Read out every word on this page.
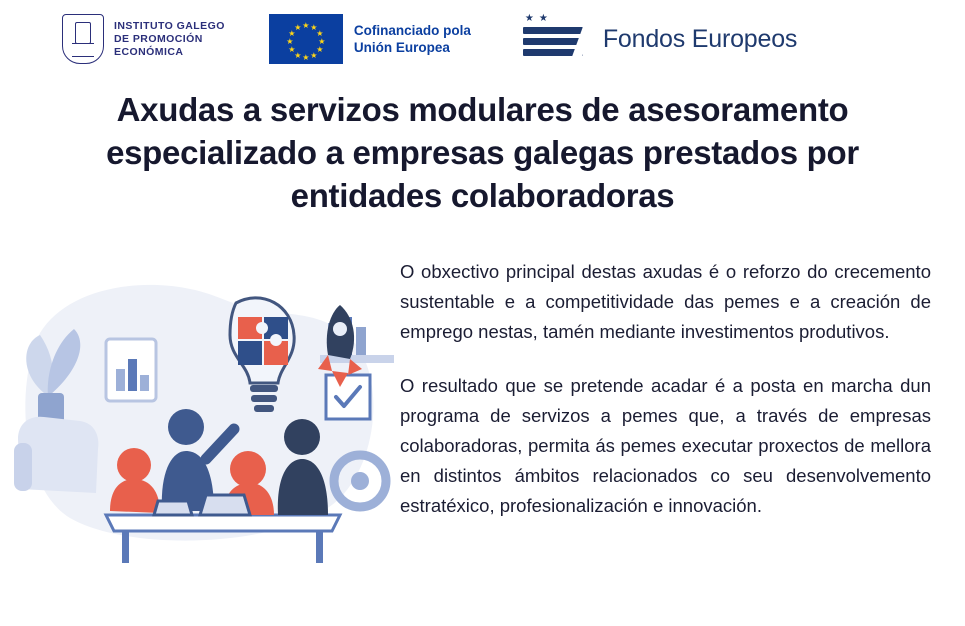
INSTITUTO GALEGO
DE PROMOCIÓN
ECONÓMICA
★ ★
★
★
★
★
★
★
★
★
★
★	Cofinanciado pola
Unión Europea
★★
Fondos Europeos
Axudas a servizos modulares de asesoramento especializado a empresas galegas prestados por entidades colaboradoras

O obxectivo principal destas axudas é o reforzo do crecemento sustentable e a competitividade das pemes e a creación de emprego nestas, tamén mediante investimentos produtivos.

O resultado que se pretende acadar é a posta en marcha dun programa de servizos a pemes que, a través de empresas colaboradoras, permita ás pemes executar proxectos de mellora en distintos ámbitos relacionados co seu desenvolvemento estratéxico, profesionalización e innovación.
